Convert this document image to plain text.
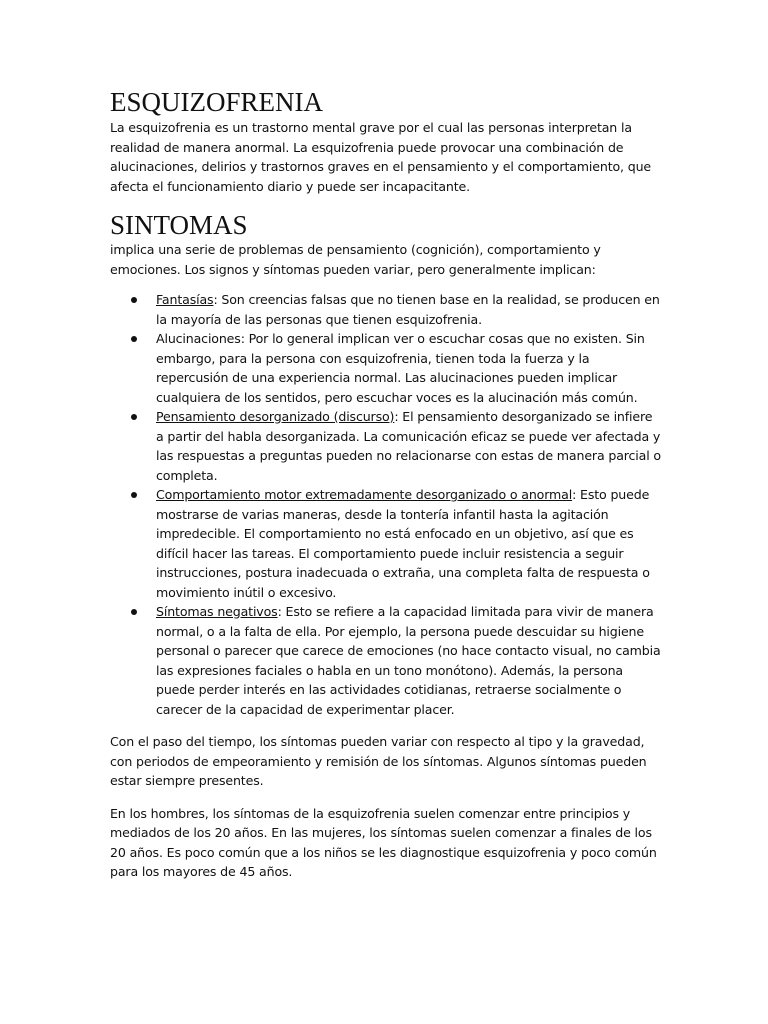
ESQUIZOFRENIA

La esquizofrenia es un trastorno mental grave por el cual las personas interpretan la realidad de manera anormal. La esquizofrenia puede provocar una combinación de alucinaciones, delirios y trastornos graves en el pensamiento y el comportamiento, que afecta el funcionamiento diario y puede ser incapacitante.

SINTOMAS

implica una serie de problemas de pensamiento (cognición), comportamiento y emociones. Los signos y síntomas pueden variar, pero generalmente implican:

Fantasías: Son creencias falsas que no tienen base en la realidad, se producen en la mayoría de las personas que tienen esquizofrenia.
Alucinaciones: Por lo general implican ver o escuchar cosas que no existen. Sin embargo, para la persona con esquizofrenia, tienen toda la fuerza y la repercusión de una experiencia normal. Las alucinaciones pueden implicar cualquiera de los sentidos, pero escuchar voces es la alucinación más común.
Pensamiento desorganizado (discurso): El pensamiento desorganizado se infiere a partir del habla desorganizada. La comunicación eficaz se puede ver afectada y las respuestas a preguntas pueden no relacionarse con estas de manera parcial o completa.
Comportamiento motor extremadamente desorganizado o anormal: Esto puede mostrarse de varias maneras, desde la tontería infantil hasta la agitación impredecible. El comportamiento no está enfocado en un objetivo, así que es difícil hacer las tareas. El comportamiento puede incluir resistencia a seguir instrucciones, postura inadecuada o extraña, una completa falta de respuesta o movimiento inútil o excesivo.
Síntomas negativos: Esto se refiere a la capacidad limitada para vivir de manera normal, o a la falta de ella. Por ejemplo, la persona puede descuidar su higiene personal o parecer que carece de emociones (no hace contacto visual, no cambia las expresiones faciales o habla en un tono monótono). Además, la persona puede perder interés en las actividades cotidianas, retraerse socialmente o carecer de la capacidad de experimentar placer.

Con el paso del tiempo, los síntomas pueden variar con respecto al tipo y la gravedad, con periodos de empeoramiento y remisión de los síntomas. Algunos síntomas pueden estar siempre presentes.

En los hombres, los síntomas de la esquizofrenia suelen comenzar entre principios y mediados de los 20 años. En las mujeres, los síntomas suelen comenzar a finales de los 20 años. Es poco común que a los niños se les diagnostique esquizofrenia y poco común para los mayores de 45 años.
